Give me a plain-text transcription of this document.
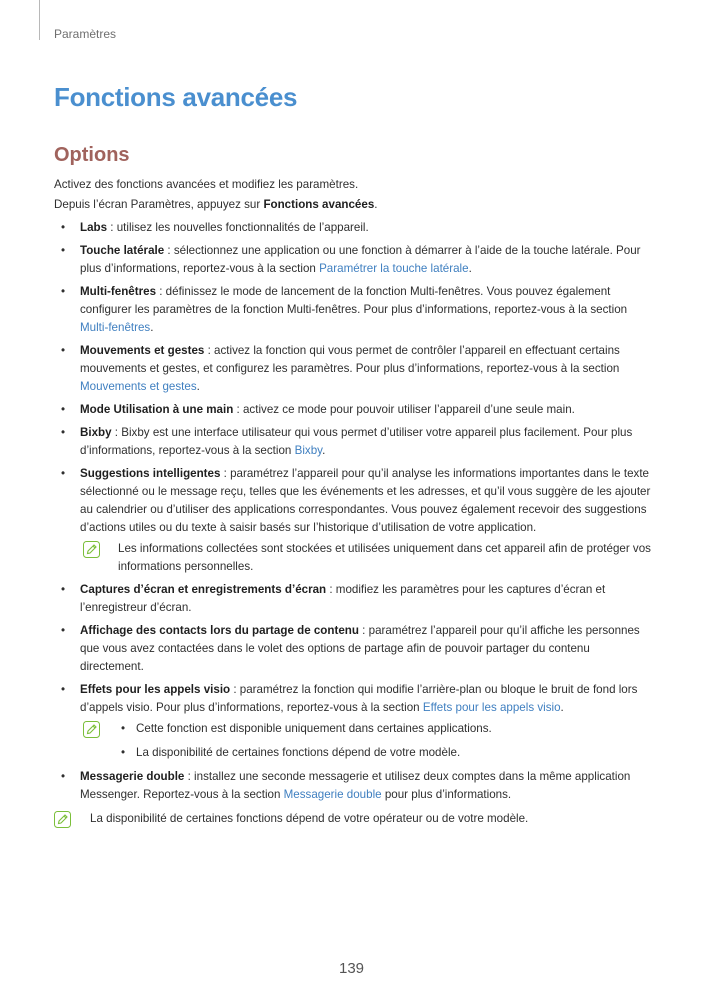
Paramètres
Fonctions avancées
Options

Activez des fonctions avancées et modifiez les paramètres.

Depuis l’écran Paramètres, appuyez sur Fonctions avancées.

• Labs : utilisez les nouvelles fonctionnalités de l’appareil.
• Touche latérale : sélectionnez une application ou une fonction à démarrer à l’aide de la touche latérale. Pour plus d’informations, reportez-vous à la section Paramétrer la touche latérale.
• Multi-fenêtres : définissez le mode de lancement de la fonction Multi-fenêtres. Vous pouvez également configurer les paramètres de la fonction Multi-fenêtres. Pour plus d’informations, reportez-vous à la section Multi-fenêtres.
• Mouvements et gestes : activez la fonction qui vous permet de contrôler l’appareil en effectuant certains mouvements et gestes, et configurez les paramètres. Pour plus d’informations, reportez-vous à la section Mouvements et gestes.
• Mode Utilisation à une main : activez ce mode pour pouvoir utiliser l’appareil d’une seule main.
• Bixby : Bixby est une interface utilisateur qui vous permet d’utiliser votre appareil plus facilement. Pour plus d’informations, reportez-vous à la section Bixby.
• Suggestions intelligentes : paramétrez l’appareil pour qu’il analyse les informations importantes dans le texte sélectionné ou le message reçu, telles que les événements et les adresses, et qu’il vous suggère de les ajouter au calendrier ou d’utiliser des applications correspondantes. Vous pouvez également recevoir des suggestions d’actions utiles ou du texte à saisir basés sur l’historique d’utilisation de votre application.
Les informations collectées sont stockées et utilisées uniquement dans cet appareil afin de protéger vos informations personnelles.
• Captures d’écran et enregistrements d’écran : modifiez les paramètres pour les captures d’écran et l’enregistreur d’écran.
• Affichage des contacts lors du partage de contenu : paramétrez l’appareil pour qu’il affiche les personnes que vous avez contactées dans le volet des options de partage afin de pouvoir partager du contenu directement.
• Effets pour les appels visio : paramétrez la fonction qui modifie l’arrière-plan ou bloque le bruit de fond lors d’appels visio. Pour plus d’informations, reportez-vous à la section Effets pour les appels visio.
• Cette fonction est disponible uniquement dans certaines applications.
• La disponibilité de certaines fonctions dépend de votre modèle.
• Messagerie double : installez une seconde messagerie et utilisez deux comptes dans la même application Messenger. Reportez-vous à la section Messagerie double pour plus d’informations.
La disponibilité de certaines fonctions dépend de votre opérateur ou de votre modèle.
139
